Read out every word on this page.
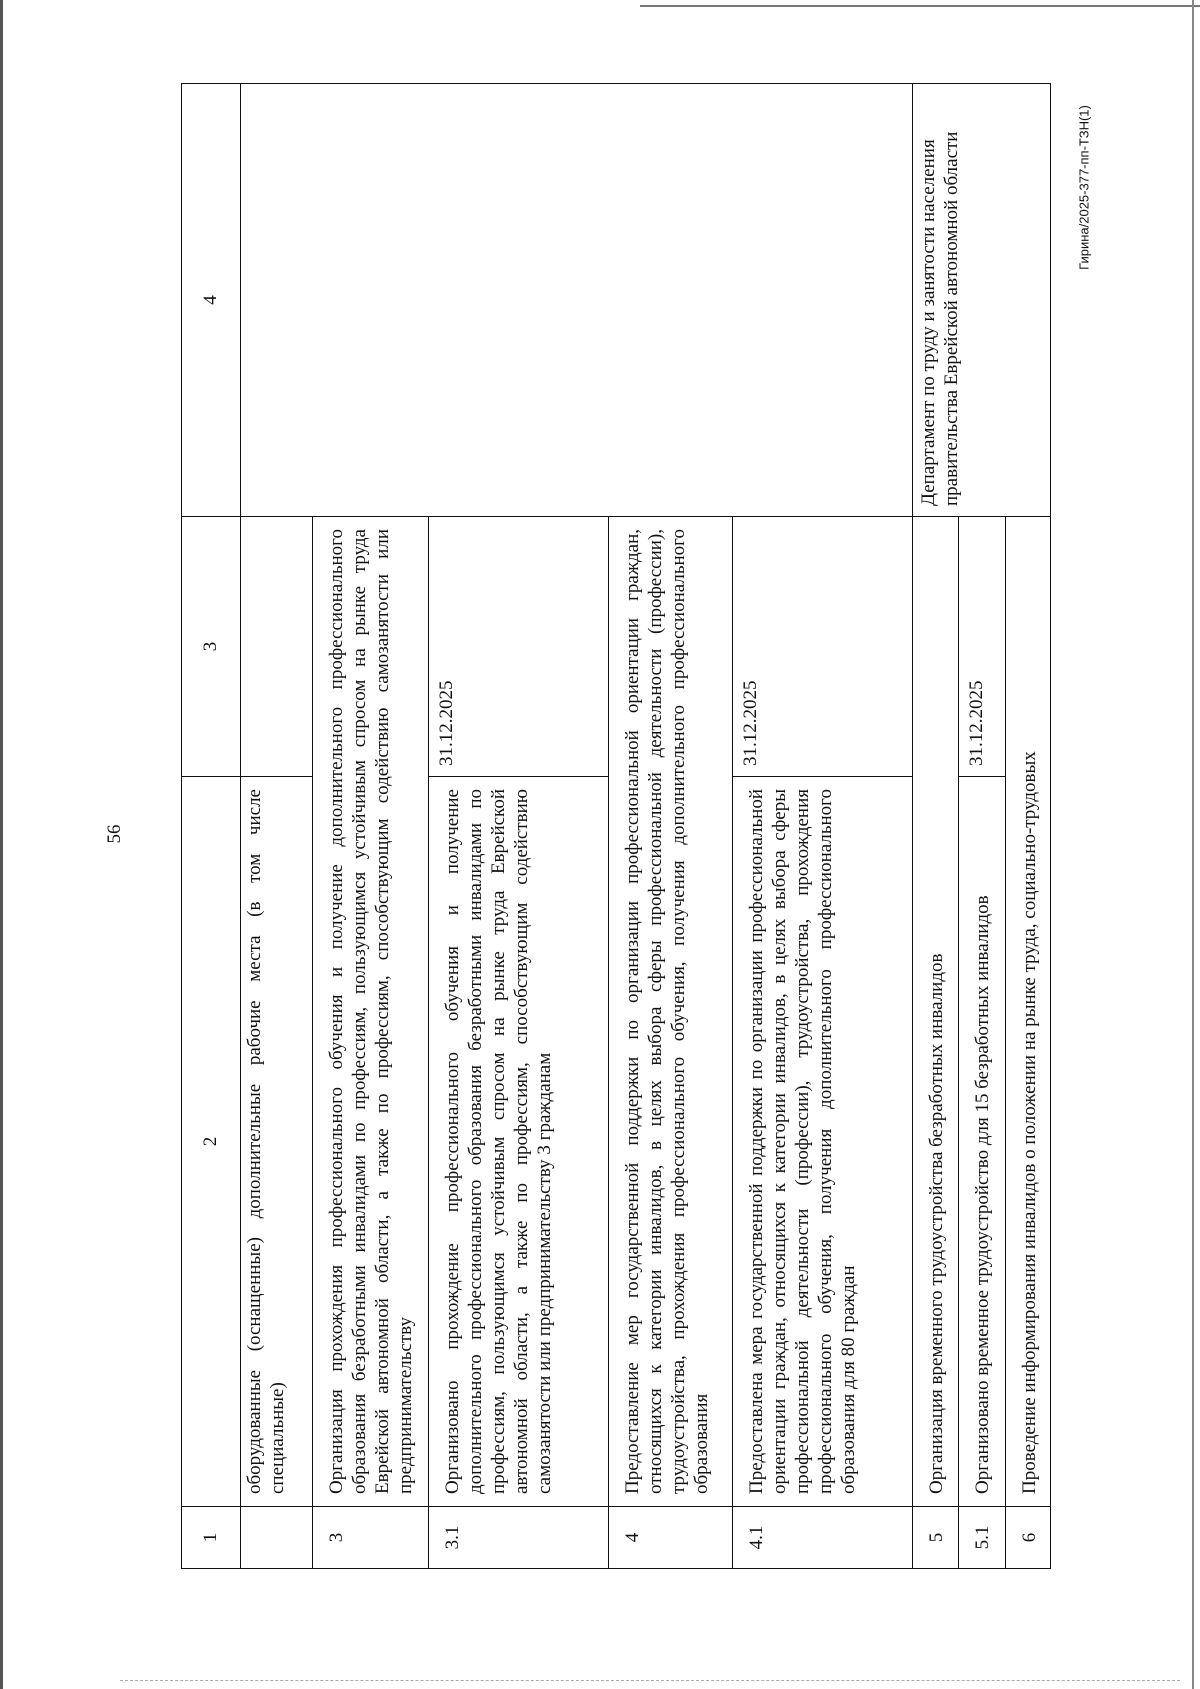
56
Гирина/2025-377-пп-ТЗН(1)
1	2	3	4
	оборудованные (оснащенные) дополнительные рабочие места (в том числе специальные)		
3	Организация прохождения профессионального обучения и получение дополнительного профессионального образования безработными инвалидами по профессиям, пользующимся устойчивым спросом на рынке труда Еврейской автономной области, а также по профессиям, способствующим содействию самозанятости или предпринимательству		
3.1	Организовано прохождение профессионального обучения и получение дополнительного профессионального образования безработными инвалидами по профессиям, пользующимся устойчивым спросом на рынке труда Еврейской автономной области, а также по профессиям, способствующим содействию самозанятости или предпринимательству 3 гражданам	31.12.2025	
4	Предоставление мер государственной поддержки по организации профессиональной ориентации граждан, относящихся к категории инвалидов, в целях выбора сферы профессиональной деятельности (профессии), трудоустройства, прохождения профессионального обучения, получения дополнительного профессионального образования		
4.1	Предоставлена мера государственной поддержки по организации профессиональной ориентации граждан, относящихся к категории инвалидов, в целях выбора сферы профессиональной деятельности (профессии), трудоустройства, прохождения профессионального обучения, получения дополнительного профессионального образования для 80 граждан	31.12.2025	
5	Организация временного трудоустройства безработных инвалидов		Департамент по труду и занятости населения правительства Еврейской автономной области
5.1	Организовано временное трудоустройство для 15 безработных инвалидов	31.12.2025	
6	Проведение информирования инвалидов о положении на рынке труда, социально-трудовых		
